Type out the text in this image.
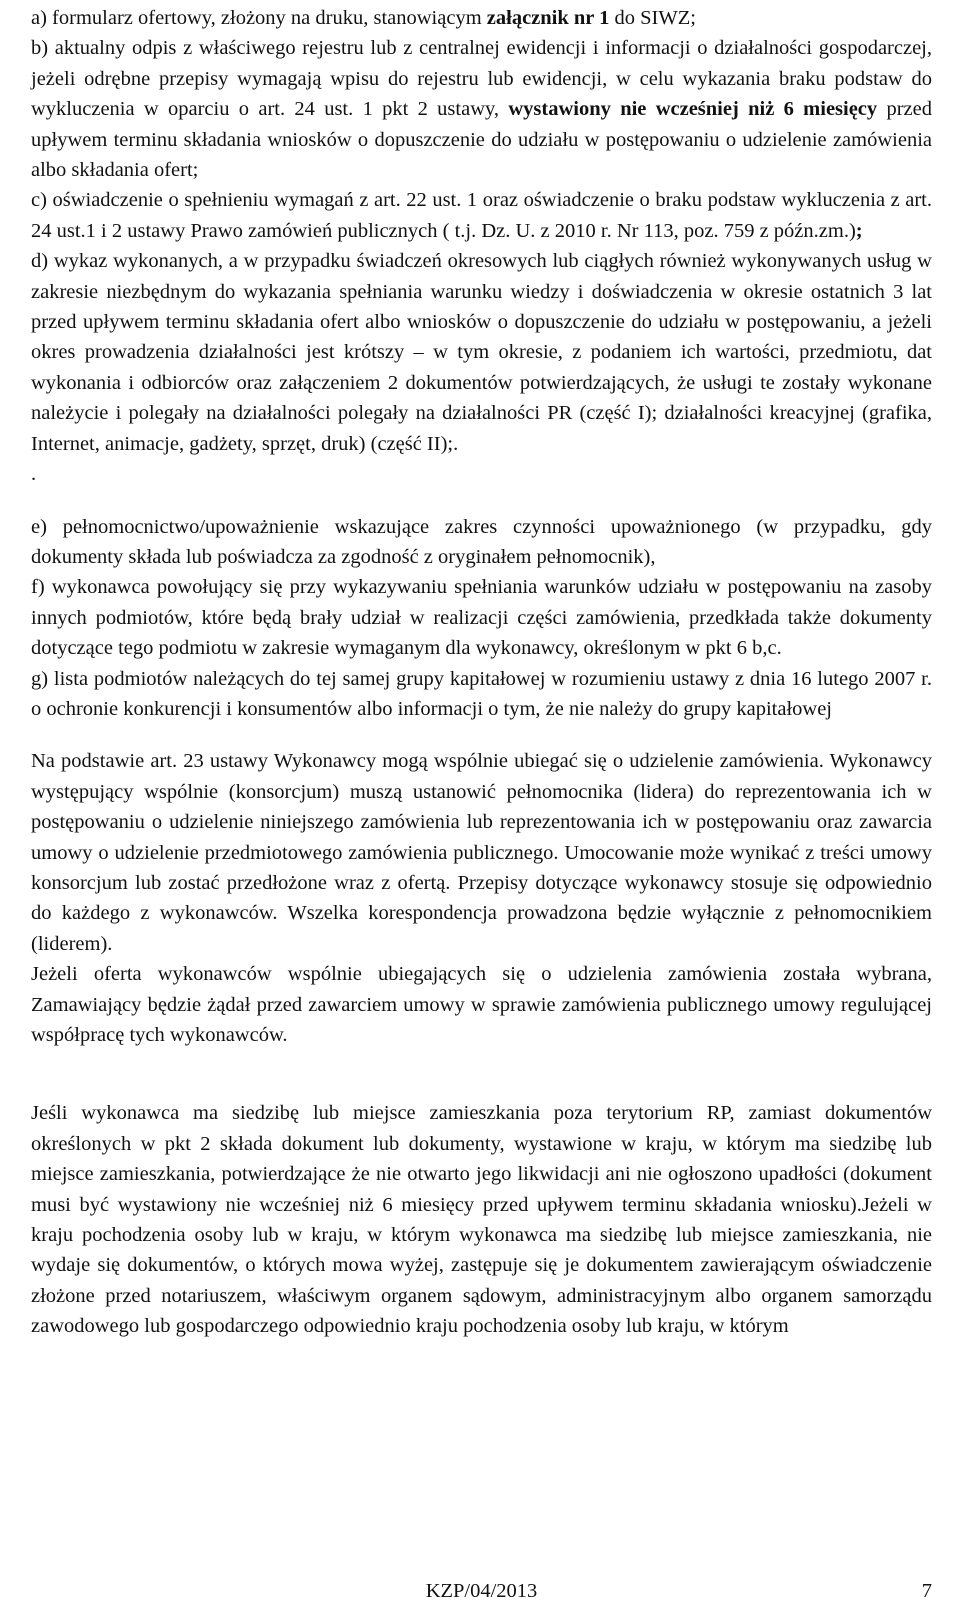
a) formularz ofertowy, złożony na druku, stanowiącym załącznik nr 1 do SIWZ;

b) aktualny odpis z właściwego rejestru lub z centralnej ewidencji i informacji o działalności gospodarczej, jeżeli odrębne przepisy wymagają wpisu do rejestru lub ewidencji, w celu wykazania braku podstaw do wykluczenia w oparciu o art. 24 ust. 1 pkt 2 ustawy, wystawiony nie wcześniej niż 6 miesięcy przed upływem terminu składania wniosków o dopuszczenie do udziału w postępowaniu o udzielenie zamówienia albo składania ofert;

c) oświadczenie o spełnieniu wymagań z art. 22 ust. 1 oraz oświadczenie o braku podstaw wykluczenia z art. 24 ust.1 i 2 ustawy Prawo zamówień publicznych ( t.j. Dz. U. z 2010 r. Nr 113, poz. 759 z późn.zm.);

d) wykaz wykonanych, a w przypadku świadczeń okresowych lub ciągłych również wykonywanych usług w zakresie niezbędnym do wykazania spełniania warunku wiedzy i doświadczenia w okresie ostatnich 3 lat przed upływem terminu składania ofert albo wniosków o dopuszczenie do udziału w postępowaniu, a jeżeli okres prowadzenia działalności jest krótszy – w tym okresie, z podaniem ich wartości, przedmiotu, dat wykonania i odbiorców oraz załączeniem 2 dokumentów potwierdzających, że usługi te zostały wykonane należycie i polegały na działalności polegały na działalności PR (część I); działalności kreacyjnej (grafika, Internet, animacje, gadżety, sprzęt, druk) (część II);.

.

e) pełnomocnictwo/upoważnienie wskazujące zakres czynności upoważnionego (w przypadku, gdy dokumenty składa lub poświadcza za zgodność z oryginałem pełnomocnik),

f) wykonawca powołujący się przy wykazywaniu spełniania warunków udziału w postępowaniu na zasoby innych podmiotów, które będą brały udział w realizacji części zamówienia, przedkłada także dokumenty dotyczące tego podmiotu w zakresie wymaganym dla wykonawcy, określonym w pkt 6 b,c.

g) lista podmiotów należących do tej samej grupy kapitałowej w rozumieniu ustawy z dnia 16 lutego 2007 r. o ochronie konkurencji i konsumentów albo informacji o tym, że nie należy do grupy kapitałowej

Na podstawie art. 23 ustawy Wykonawcy mogą wspólnie ubiegać się o udzielenie zamówienia. Wykonawcy występujący wspólnie (konsorcjum) muszą ustanowić pełnomocnika (lidera) do reprezentowania ich w postępowaniu o udzielenie niniejszego zamówienia lub reprezentowania ich w postępowaniu oraz zawarcia umowy o udzielenie przedmiotowego zamówienia publicznego. Umocowanie może wynikać z treści umowy konsorcjum lub zostać przedłożone wraz z ofertą. Przepisy dotyczące wykonawcy stosuje się odpowiednio do każdego z wykonawców. Wszelka korespondencja prowadzona będzie wyłącznie z pełnomocnikiem (liderem).

Jeżeli oferta wykonawców wspólnie ubiegających się o udzielenia zamówienia została wybrana, Zamawiający będzie żądał przed zawarciem umowy w sprawie zamówienia publicznego umowy regulującej współpracę tych wykonawców.

Jeśli wykonawca ma siedzibę lub miejsce zamieszkania poza terytorium RP, zamiast dokumentów określonych w pkt 2 składa dokument lub dokumenty, wystawione w kraju, w którym ma siedzibę lub miejsce zamieszkania, potwierdzające że nie otwarto jego likwidacji ani nie ogłoszono upadłości (dokument musi być wystawiony nie wcześniej niż 6 miesięcy przed upływem terminu składania wniosku).Jeżeli w kraju pochodzenia osoby lub w kraju, w którym wykonawca ma siedzibę lub miejsce zamieszkania, nie wydaje się dokumentów, o których mowa wyżej, zastępuje się je dokumentem zawierającym oświadczenie złożone przed notariuszem, właściwym organem sądowym, administracyjnym albo organem samorządu zawodowego lub gospodarczego odpowiednio kraju pochodzenia osoby lub kraju, w którym

KZP/04/2013	7
